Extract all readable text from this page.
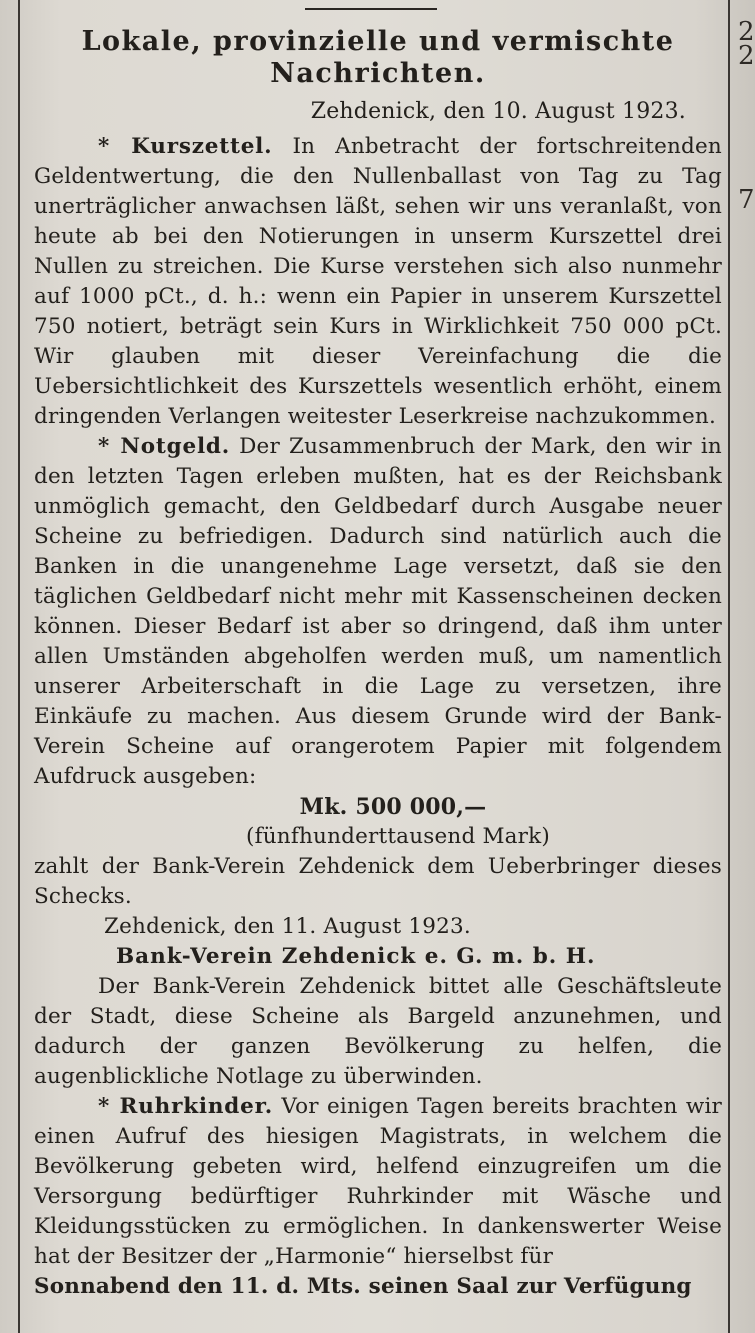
2
2
7
Lokale, provinzielle und vermischte
Nachrichten.
Zehdenick, den 10. August 1923.

* Kurszettel. In Anbetracht der fortschreitenden Geldentwertung, die den Nullenballast von Tag zu Tag unerträglicher anwachsen läßt, sehen wir uns veranlaßt, von heute ab bei den Notierungen in unserm Kurszettel drei Nullen zu streichen. Die Kurse verstehen sich also nunmehr auf 1000 pCt., d. h.: wenn ein Papier in unserem Kurszettel 750 notiert, beträgt sein Kurs in Wirklichkeit 750 000 pCt. Wir glauben mit dieser Vereinfachung die die Uebersichtlichkeit des Kurszettels wesentlich erhöht, einem dringenden Verlangen weitester Leserkreise nachzukommen.

* Notgeld. Der Zusammenbruch der Mark, den wir in den letzten Tagen erleben mußten, hat es der Reichsbank unmöglich gemacht, den Geldbedarf durch Ausgabe neuer Scheine zu befriedigen. Dadurch sind natürlich auch die Banken in die unangenehme Lage versetzt, daß sie den täglichen Geldbedarf nicht mehr mit Kassenscheinen decken können. Dieser Bedarf ist aber so dringend, daß ihm unter allen Umständen abgeholfen werden muß, um namentlich unserer Arbeiterschaft in die Lage zu versetzen, ihre Einkäufe zu machen. Aus diesem Grunde wird der Bank-Verein Scheine auf orangerotem Papier mit folgendem Aufdruck ausgeben:

Mk. 500 000,—

(fünfhunderttausend Mark)

zahlt der Bank-Verein Zehdenick dem Ueberbringer dieses Schecks.

Zehdenick, den 11. August 1923.

Bank-Verein Zehdenick e. G. m. b. H.

Der Bank-Verein Zehdenick bittet alle Geschäftsleute der Stadt, diese Scheine als Bargeld anzunehmen, und dadurch der ganzen Bevölkerung zu helfen, die augenblickliche Notlage zu überwinden.

* Ruhrkinder. Vor einigen Tagen bereits brachten wir einen Aufruf des hiesigen Magistrats, in welchem die Bevölkerung gebeten wird, helfend einzugreifen um die Versorgung bedürftiger Ruhrkinder mit Wäsche und Kleidungsstücken zu ermöglichen. In dankenswerter Weise hat der Besitzer der „Harmonie“ hierselbst für

Sonnabend den 11. d. Mts. seinen Saal zur Verfügung
